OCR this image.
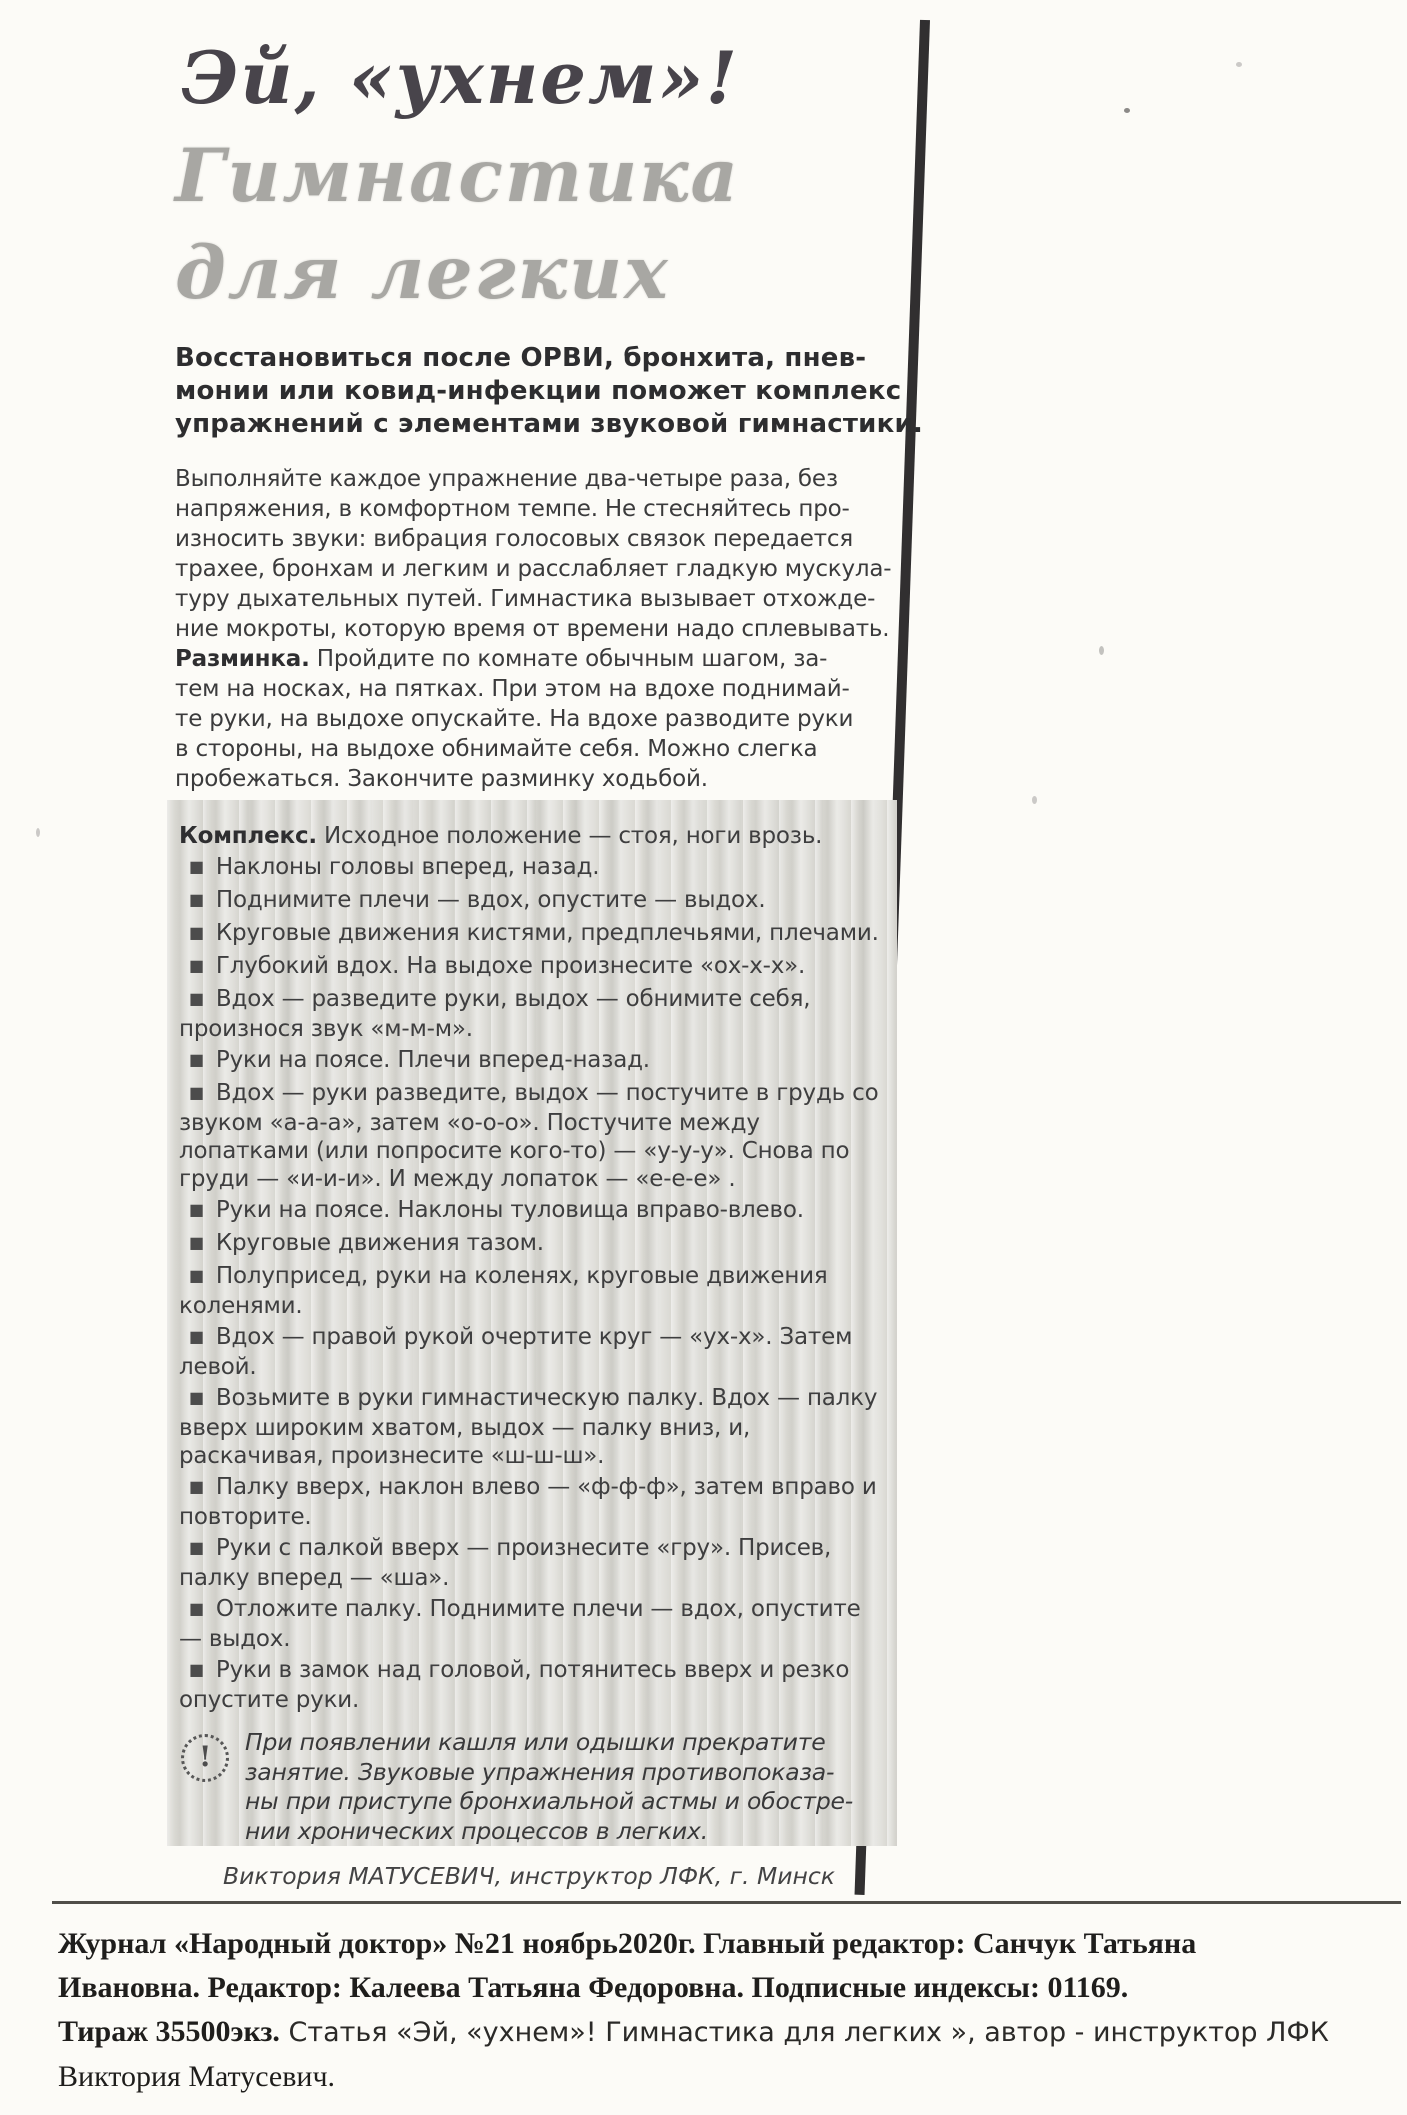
Эй, «ухнем»!
Гимнастика
для легких
Восстановиться после ОРВИ, бронхита, пнев-
монии или ковид-инфекции поможет комплекс
упражнений с элементами звуковой гимнастики.
Выполняйте каждое упражнение два-четыре раза, без
напряжения, в комфортном темпе. Не стесняйтесь про-
износить звуки: вибрация голосовых связок передается
трахее, бронхам и легким и расслабляет гладкую мускула-
туру дыхательных путей. Гимнастика вызывает отхожде-
ние мокроты, которую время от времени надо сплевывать.
Разминка. Пройдите по комнате обычным шагом, за-
тем на носках, на пятках. При этом на вдохе поднимай-
те руки, на выдохе опускайте. На вдохе разводите руки
в стороны, на выдохе обнимайте себя. Можно слегка
пробежаться. Закончите разминку ходьбой.
Комплекс. Исходное положение — стоя, ноги врозь.
■ Наклоны головы вперед, назад.
■ Поднимите плечи — вдох, опустите — выдох.
■ Круговые движения кистями, предплечьями, плечами.
■ Глубокий вдох. На выдохе произнесите «ох-х-х».
■ Вдох — разведите руки, выдох — обнимите себя, произнося звук «м-м-м».
■ Руки на поясе. Плечи вперед-назад.
■ Вдох — руки разведите, выдох — постучите в грудь со звуком «а-а-а», затем «о-о-о». Постучите между лопатками (или попросите кого-то) — «у-у-у». Снова по груди — «и-и-и». И между лопаток — «е-е-е» .
■ Руки на поясе. Наклоны туловища вправо-влево.
■ Круговые движения тазом.
■ Полуприсед, руки на коленях, круговые движения коленями.
■ Вдох — правой рукой очертите круг — «ух-х». Затем левой.
■ Возьмите в руки гимнастическую палку. Вдох — палку вверх широким хватом, выдох — палку вниз, и, раскачивая, произнесите «ш-ш-ш».
■ Палку вверх, наклон влево — «ф-ф-ф», затем вправо и повторите.
■ Руки с палкой вверх — произнесите «гру». Присев, палку вперед — «ша».
■ Отложите палку. Поднимите плечи — вдох, опустите — выдох.
■ Руки в замок над головой, потянитесь вверх и резко опустите руки.
!	При появлении кашля или одышки прекратите
занятие. Звуковые упражнения противопоказа-
ны при приступе бронхиальной астмы и обостре-
нии хронических процессов в легких.
Виктория МАТУСЕВИЧ, инструктор ЛФК, г. Минск
Журнал «Народный доктор» №21 ноябрь2020г. Главный редактор: Санчук Татьяна
Ивановна. Редактор: Калеева Татьяна Федоровна. Подписные индексы: 01169.
Тираж 35500экз. Статья «Эй, «ухнем»! Гимнастика для легких », автор - инструктор ЛФК
Виктория Матусевич.
